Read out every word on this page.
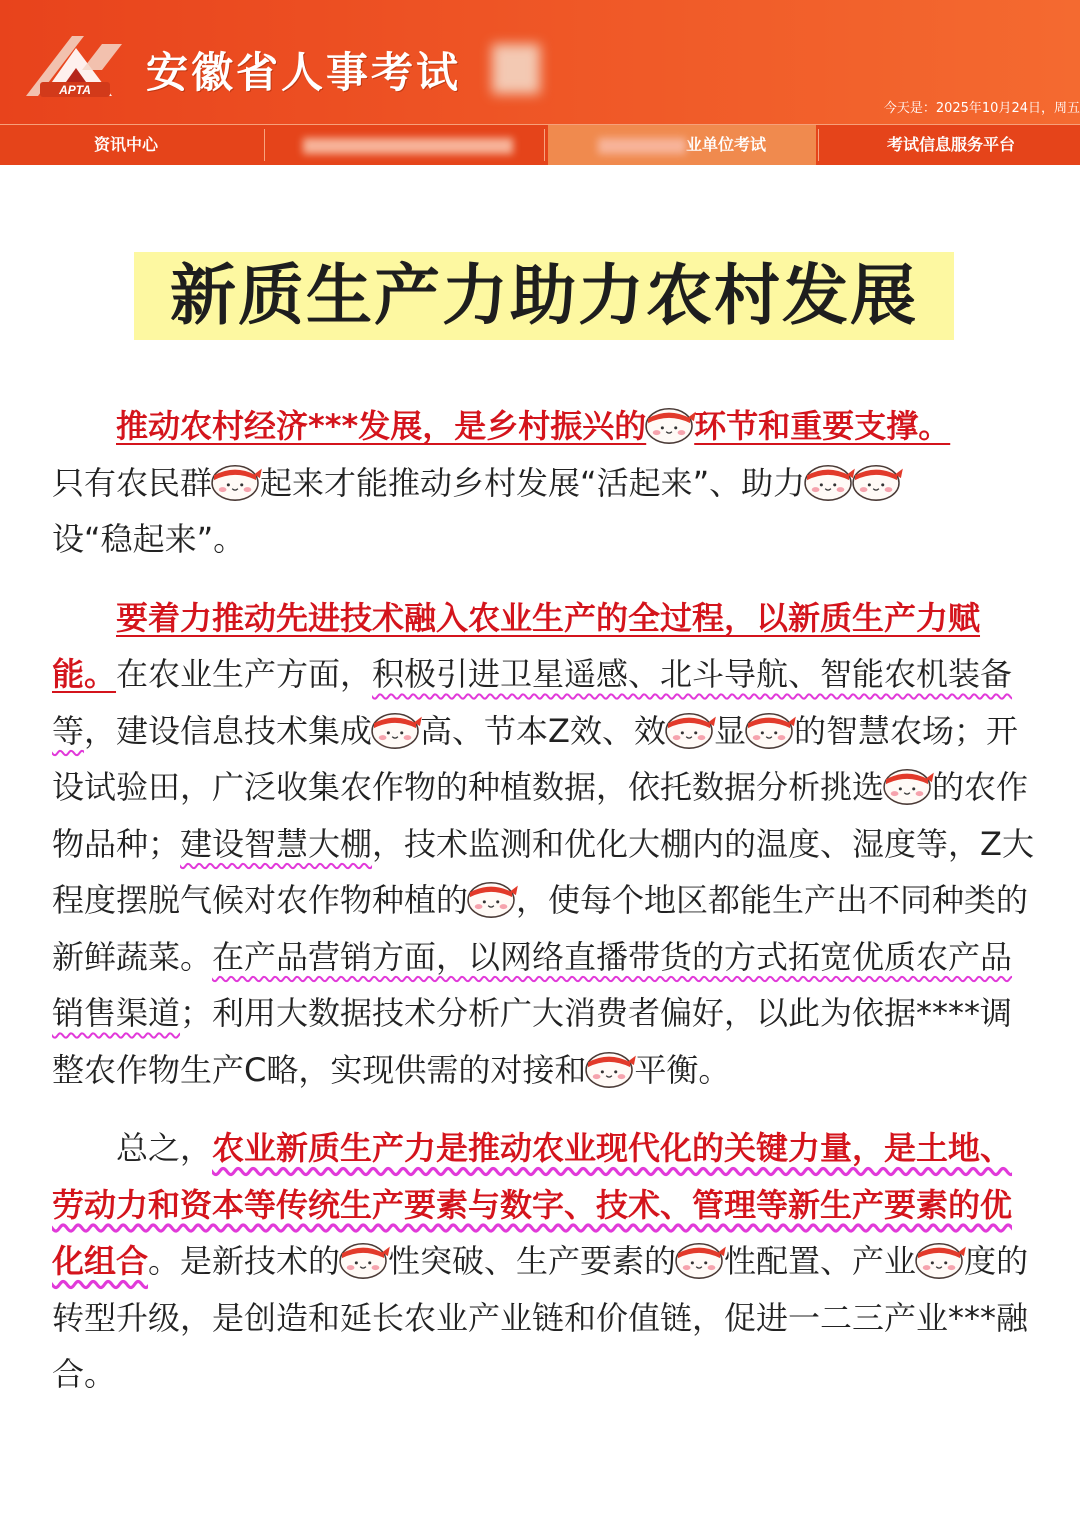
APTA 安徽省人事考试
今天是：2025年10月24日，周五
资讯中心	业单位考试	考试信息服务平台
新质生产力助力农村发展

推动农村经济***发展，是乡村振兴的 环节和重要支撑。
只有农民群 起来才能推动乡村发展“活起来”、助力
设“稳起来”。

要着力推动先进技术融入农业生产的全过程，以新质生产力赋能。在农业生产方面，积极引进卫星遥感、北斗导航、智能农机装备等，建设信息技术集成 高、节本Z效、效 显 的智慧农场；开设试验田，广泛收集农作物的种植数据，依托数据分析挑选 的农作物品种；建设智慧大棚，技术监测和优化大棚内的温度、湿度等，Z大程度摆脱气候对农作物种植的 ，使每个地区都能生产出不同种类的新鲜蔬菜。在产品营销方面，以网络直播带货的方式拓宽优质农产品销售渠道；利用大数据技术分析广大消费者偏好，以此为依据****调整农作物生产C略，实现供需的对接和 平衡。

总之，农业新质生产力是推动农业现代化的关键力量，是土地、劳动力和资本等传统生产要素与数字、技术、管理等新生产要素的优化组合。是新技术的 性突破、生产要素的 性配置、产业 度的转型升级，是创造和延长农业产业链和价值链，促进一二三产业***融合。
